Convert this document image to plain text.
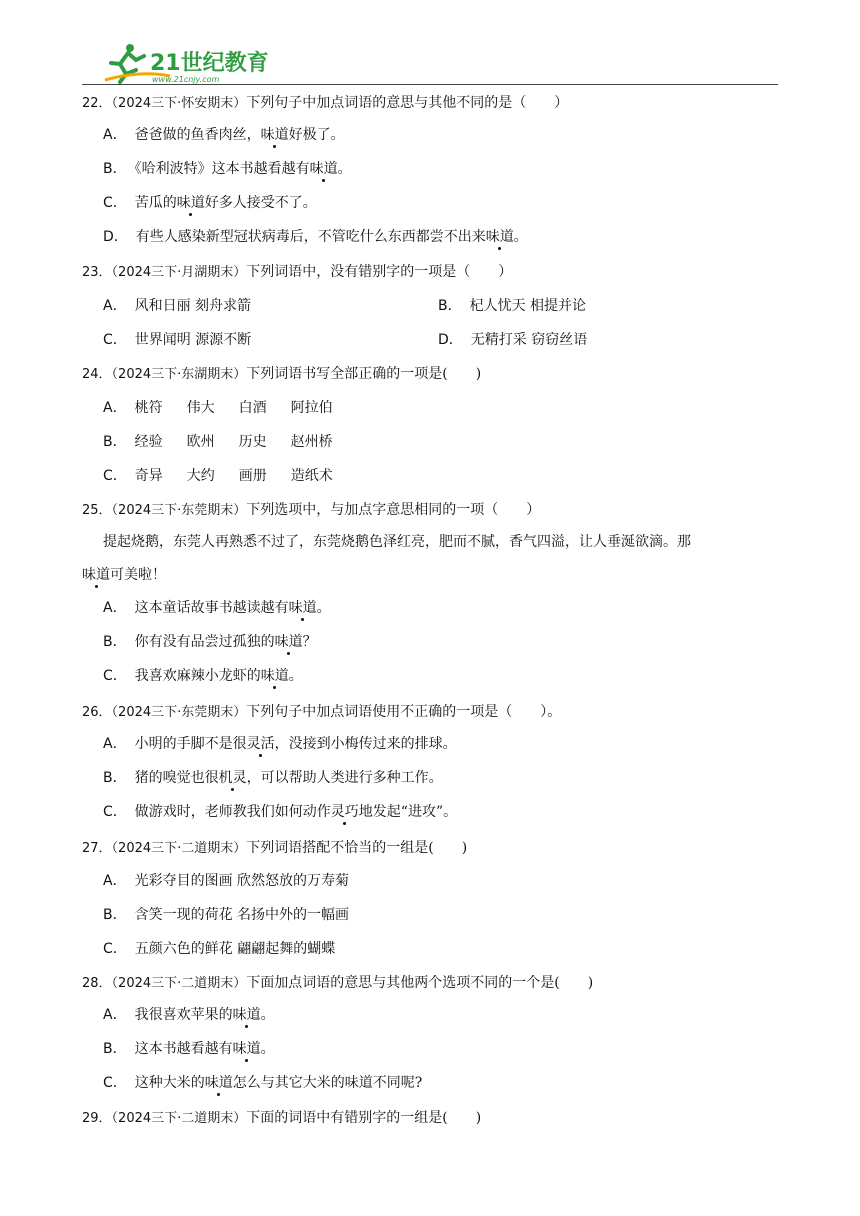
21世纪教育
www.21cnjy.com
22．（2024三下·怀安期末）下列句子中加点词语的意思与其他不同的是（　　）
A． 爸爸做的鱼香肉丝，味道好极了。
B． 《哈利波特》这本书越看越有味道。
C． 苦瓜的味道好多人接受不了。
D． 有些人感染新型冠状病毒后，不管吃什么东西都尝不出来味道。
23．（2024三下·月湖期末）下列词语中，没有错别字的一项是（　　）
A． 风和日丽 刻舟求箭	B． 杞人忧天 相提并论
C． 世界闻明 源源不断	D． 无精打采 窃窃丝语
24．（2024三下·东湖期末）下列词语书写全部正确的一项是(　　)
A． 桃符 伟大 白酒 阿拉伯
B． 经验 欧州 历史 赵州桥
C． 奇异 大约 画册 造纸术
25．（2024三下·东莞期末）下列选项中，与加点字意思相同的一项（　　）
提起烧鹅，东莞人再熟悉不过了，东莞烧鹅色泽红亮，肥而不腻，香气四溢，让人垂涎欲滴。那
味道可美啦！
A． 这本童话故事书越读越有味道。
B． 你有没有品尝过孤独的味道？
C． 我喜欢麻辣小龙虾的味道。
26．（2024三下·东莞期末）下列句子中加点词语使用不正确的一项是（　　）。
A． 小明的手脚不是很灵活，没接到小梅传过来的排球。
B． 猪的嗅觉也很机灵，可以帮助人类进行多种工作。
C． 做游戏时，老师教我们如何动作灵巧地发起“进攻”。
27．（2024三下·二道期末）下列词语搭配不恰当的一组是(　　)
A． 光彩夺目的图画 欣然怒放的万寿菊
B． 含笑一现的荷花 名扬中外的一幅画
C． 五颜六色的鲜花 翩翩起舞的蝴蝶
28．（2024三下·二道期末）下面加点词语的意思与其他两个选项不同的一个是(　　)
A． 我很喜欢苹果的味道。
B． 这本书越看越有味道。
C． 这种大米的味道怎么与其它大米的味道不同呢?
29．（2024三下·二道期末）下面的词语中有错别字的一组是(　　)
